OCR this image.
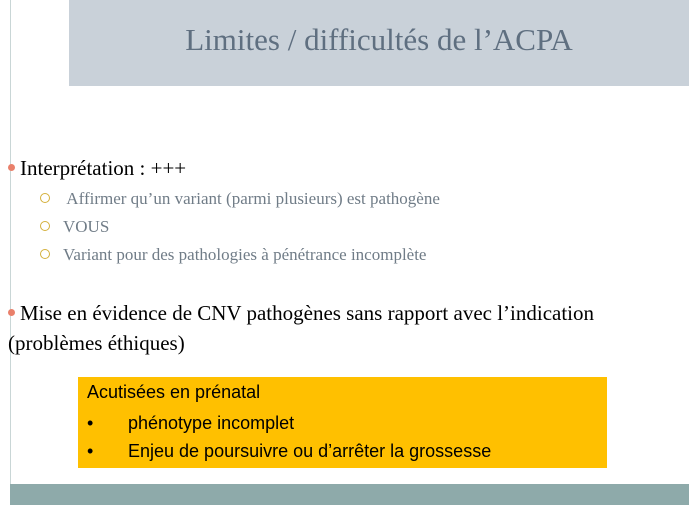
Limites / difficultés de l’ACPA
Interprétation : +++
Affirmer qu’un variant (parmi plusieurs) est pathogène
VOUS
Variant pour des pathologies à pénétrance incomplète
Mise en évidence de CNV pathogènes sans rapport avec l’indication (problèmes éthiques)
Acutisées en prénatal
• phénotype incomplet
• Enjeu de poursuivre ou d’arrêter la grossesse
